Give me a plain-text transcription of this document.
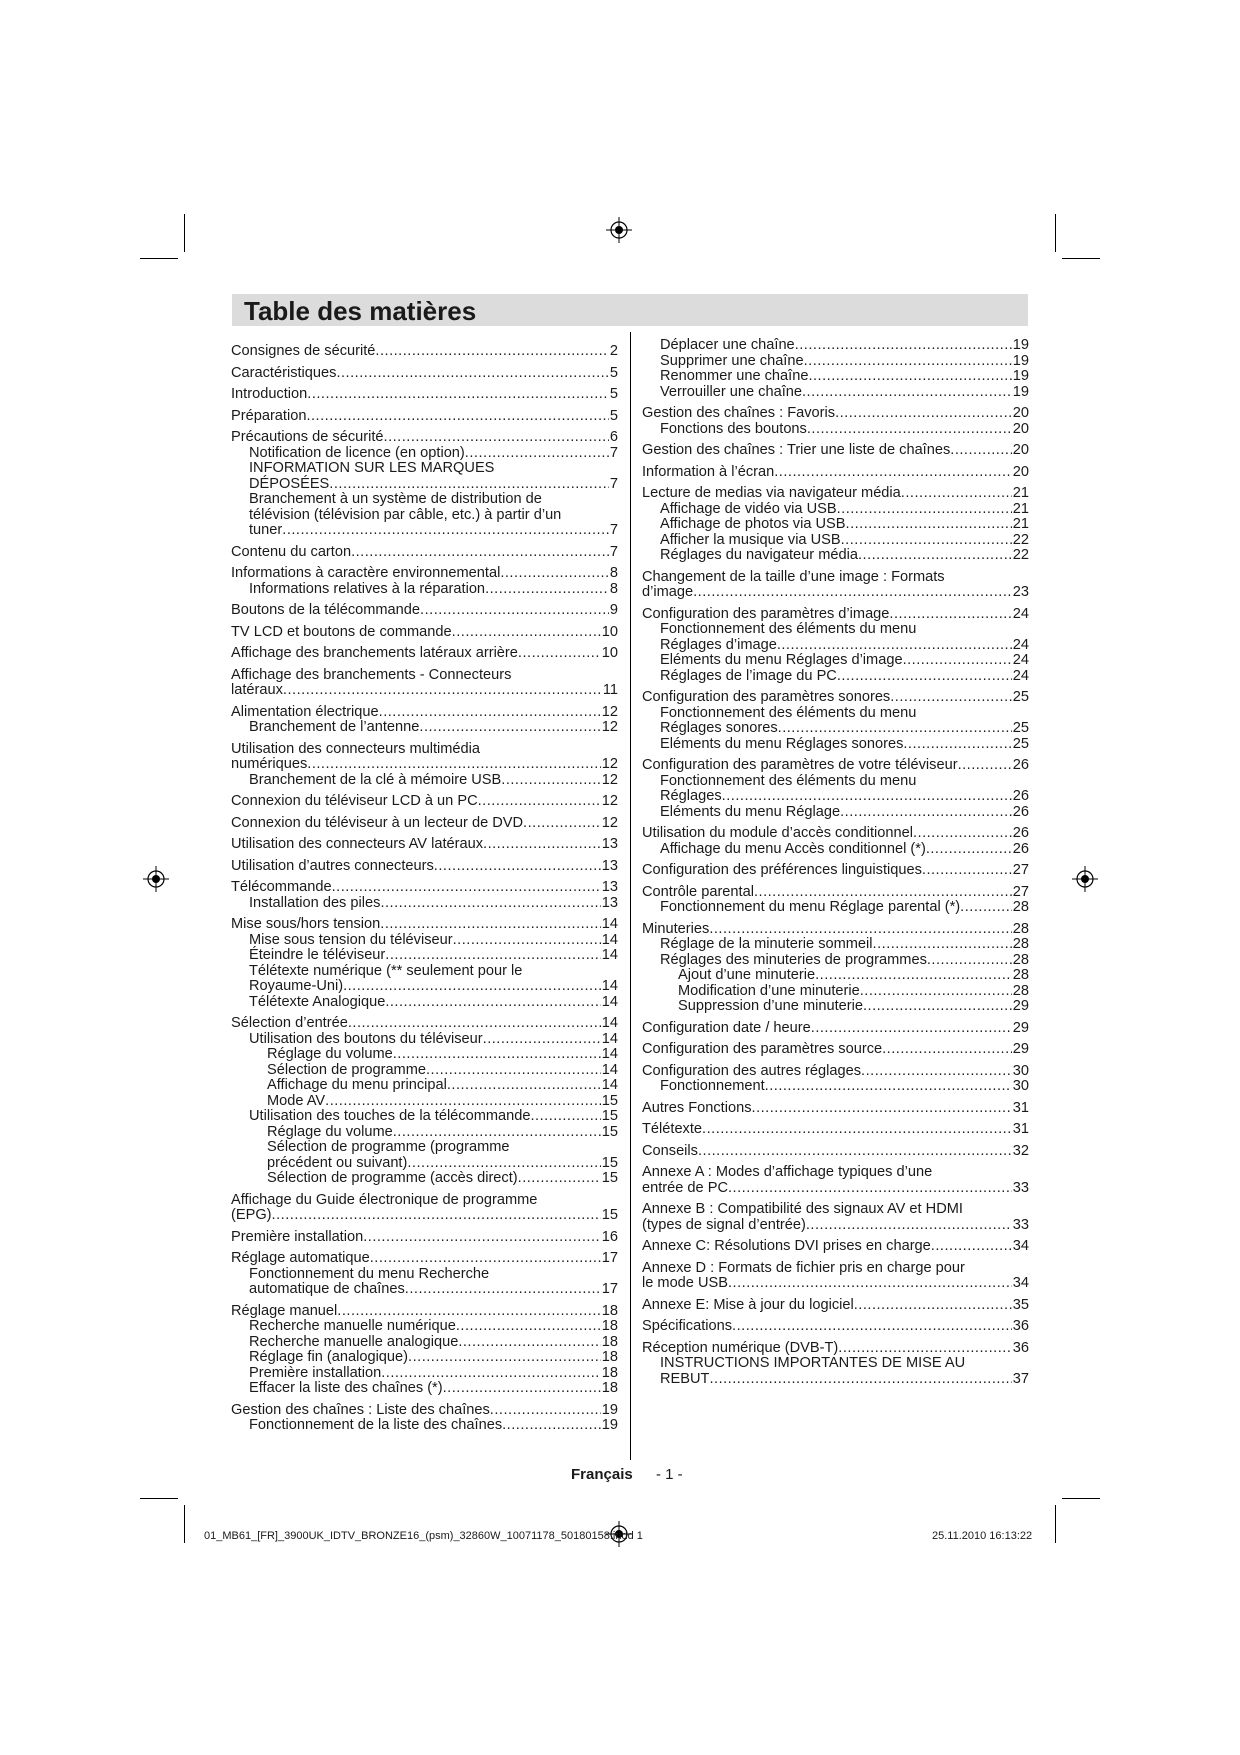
Table des matières
Consignes de sécurité .....	2
Caractéristiques .....	5
Introduction .....	5
Préparation .....	5
Précautions de sécurité .....	6
Notification de licence (en option) .....	7
INFORMATION SUR LES MARQUES
DÉPOSÉES .....	7
Branchement à un système de distribution de
télévision (télévision par câble, etc.) à partir d’un
tuner .....	7
Contenu du carton .....	7
Informations à caractère environnemental .....	8
Informations relatives à la réparation .....	8
Boutons de la télécommande .....	9
TV LCD et boutons de commande .....	10
Affichage des branchements latéraux arrière .....	10
Affichage des branchements - Connecteurs
latéraux .....	11
Alimentation électrique .....	12
Branchement de l’antenne .....	12
Utilisation des connecteurs multimédia
numériques .....	12
Branchement de la clé à mémoire USB .....	12
Connexion du téléviseur LCD à un PC .....	12
Connexion du téléviseur à un lecteur de DVD .....	12
Utilisation des connecteurs AV latéraux .....	13
Utilisation d’autres connecteurs .....	13
Télécommande .....	13
Installation des piles .....	13
Mise sous/hors tension .....	14
Mise sous tension du téléviseur .....	14
Éteindre le téléviseur .....	14
Télétexte numérique (** seulement pour le
Royaume-Uni) .....	14
Télétexte Analogique .....	14
Sélection d’entrée .....	14
Utilisation des boutons du téléviseur .....	14
Réglage du volume .....	14
Sélection de programme .....	14
Affichage du menu principal .....	14
Mode AV .....	15
Utilisation des touches de la télécommande .....	15
Réglage du volume .....	15
Sélection de programme (programme
précédent ou suivant) .....	15
Sélection de programme (accès direct) .....	15
Affichage du Guide électronique de programme
(EPG) .....	15
Première installation .....	16
Réglage automatique .....	17
Fonctionnement du menu Recherche
automatique de chaînes .....	17
Réglage manuel .....	18
Recherche manuelle numérique .....	18
Recherche manuelle analogique .....	18
Réglage fin (analogique) .....	18
Première installation .....	18
Effacer la liste des chaînes (*) .....	18
Gestion des chaînes : Liste des chaînes .....	19
Fonctionnement de la liste des chaînes .....	19
Déplacer une chaîne .....	19
Supprimer une chaîne .....	19
Renommer une chaîne .....	19
Verrouiller une chaîne .....	19
Gestion des chaînes : Favoris .....	20
Fonctions des boutons .....	20
Gestion des chaînes : Trier une liste de chaînes .....	20
Information à l’écran .....	20
Lecture de medias via navigateur média .....	21
Affichage de vidéo via USB .....	21
Affichage de photos via USB .....	21
Afficher la musique via USB .....	22
Réglages du navigateur média .....	22
Changement de la taille d’une image : Formats
d’image .....	23
Configuration des paramètres d’image .....	24
Fonctionnement des éléments du menu
Réglages d’image .....	24
Eléments du menu Réglages d’image .....	24
Réglages de l’image du PC .....	24
Configuration des paramètres sonores .....	25
Fonctionnement des éléments du menu
Réglages sonores .....	25
Eléments du menu Réglages sonores .....	25
Configuration des paramètres de votre téléviseur .....	26
Fonctionnement des éléments du menu
Réglages .....	26
Eléments du menu Réglage .....	26
Utilisation du module d’accès conditionnel .....	26
Affichage du menu Accès conditionnel (*) .....	26
Configuration des préférences linguistiques .....	27
Contrôle parental .....	27
Fonctionnement du menu Réglage parental (*) .....	28
Minuteries .....	28
Réglage de la minuterie sommeil .....	28
Réglages des minuteries de programmes .....	28
Ajout d’une minuterie .....	28
Modification d’une minuterie .....	28
Suppression d’une minuterie .....	29
Configuration date / heure .....	29
Configuration des paramètres source .....	29
Configuration des autres réglages .....	30
Fonctionnement .....	30
Autres Fonctions .....	31
Télétexte .....	31
Conseils .....	32
Annexe A : Modes d’affichage typiques d’une
entrée de PC .....	33
Annexe B : Compatibilité des signaux AV et HDMI
(types de signal d’entrée) .....	33
Annexe C: Résolutions DVI prises en charge .....	34
Annexe D : Formats de fichier pris en charge pour
le mode USB .....	34
Annexe E: Mise à jour du logiciel .....	35
Spécifications .....	36
Réception numérique (DVB-T) .....	36
INSTRUCTIONS IMPORTANTES DE MISE AU
REBUT .....	37
Français - 1 -
01_MB61_[FR]_3900UK_IDTV_BRONZE16_(psm)_32860W_10071178_50180158.indd 1	25.11.2010 16:13:22
